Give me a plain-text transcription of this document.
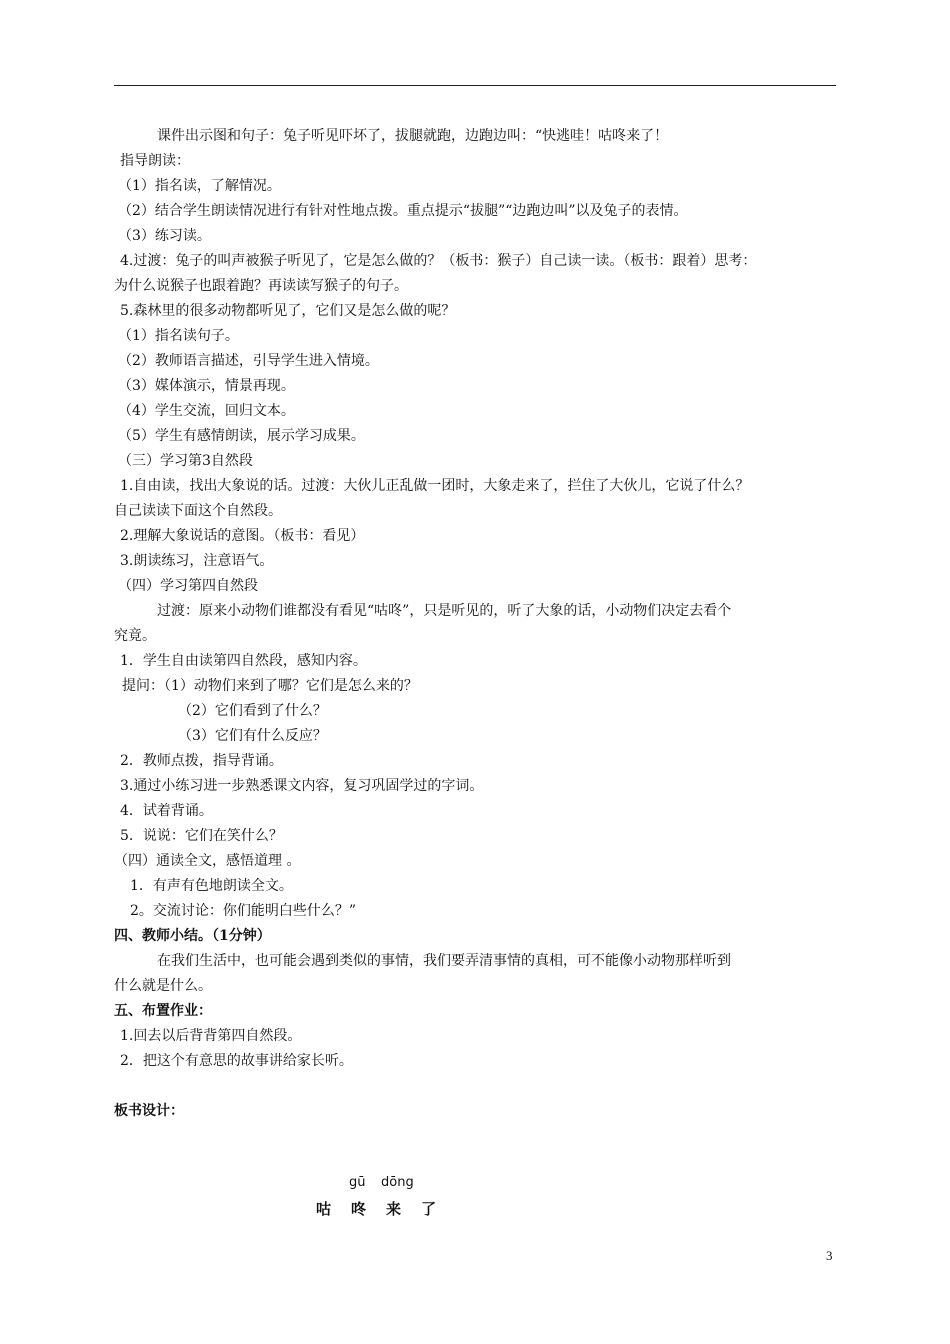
课件出示图和句子：兔子听见吓坏了，拔腿就跑，边跑边叫：“快逃哇！咕咚来了！
指导朗读：
（1）指名读，了解情况。
（2）结合学生朗读情况进行有针对性地点拨。重点提示“拔腿”“边跑边叫”以及兔子的表情。
（3）练习读。
4.过渡：兔子的叫声被猴子听见了，它是怎么做的？（板书：猴子）自己读一读。（板书：跟着）思考：
为什么说猴子也跟着跑？再读读写猴子的句子。
5.森林里的很多动物都听见了，它们又是怎么做的呢？
（1）指名读句子。
（2）教师语言描述，引导学生进入情境。
（3）媒体演示，情景再现。
（4）学生交流，回归文本。
（5）学生有感情朗读，展示学习成果。
（三）学习第3自然段
1.自由读，找出大象说的话。过渡：大伙儿正乱做一团时，大象走来了，拦住了大伙儿，它说了什么？
自己读读下面这个自然段。
2.理解大象说话的意图。（板书：看见）
3.朗读练习，注意语气。
（四）学习第四自然段
过渡：原来小动物们谁都没有看见“咕咚”，只是听见的，听了大象的话，小动物们决定去看个
究竟。
1．学生自由读第四自然段，感知内容。
提问：（1）动物们来到了哪？它们是怎么来的？
（2）它们看到了什么？
（3）它们有什么反应？
2．教师点拨，指导背诵。
3.通过小练习进一步熟悉课文内容，复习巩固学过的字词。
4．试着背诵。
5．说说：它们在笑什么？
（四）通读全文，感悟道理 。
1．有声有色地朗读全文。
2。交流讨论：你们能明白些什么？”
四、教师小结。（1分钟）
在我们生活中，也可能会遇到类似的事情，我们要弄清事情的真相，可不能像小动物那样听到
什么就是什么。
五、布置作业：
1.回去以后背背第四自然段。
2．把这个有意思的故事讲给家长听。
板书设计：
gū dōng
咕 咚 来 了
3
